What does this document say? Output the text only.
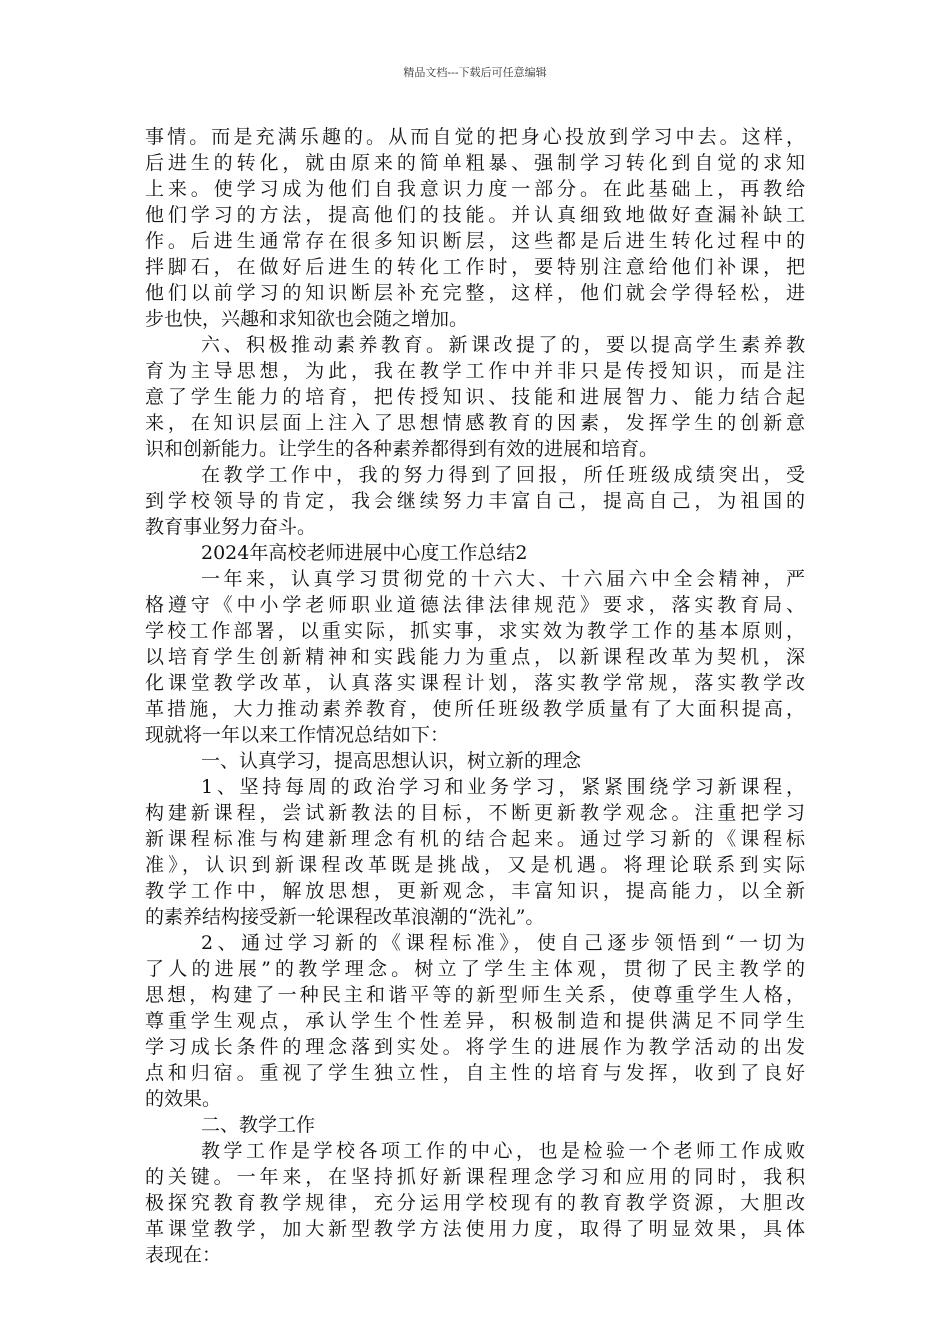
精品文档---下载后可任意编辑
事情。而是充满乐趣的。从而自觉的把身心投放到学习中去。这样，
后进生的转化，就由原来的简单粗暴、强制学习转化到自觉的求知
上来。使学习成为他们自我意识力度一部分。在此基础上，再教给
他们学习的方法，提高他们的技能。并认真细致地做好查漏补缺工
作。后进生通常存在很多知识断层，这些都是后进生转化过程中的
拌脚石，在做好后进生的转化工作时，要特别注意给他们补课，把
他们以前学习的知识断层补充完整，这样，他们就会学得轻松，进
步也快，兴趣和求知欲也会随之增加。
六、积极推动素养教育。新课改提了的，要以提高学生素养教
育为主导思想，为此，我在教学工作中并非只是传授知识，而是注
意了学生能力的培育，把传授知识、技能和进展智力、能力结合起
来，在知识层面上注入了思想情感教育的因素，发挥学生的创新意
识和创新能力。让学生的各种素养都得到有效的进展和培育。
在教学工作中，我的努力得到了回报，所任班级成绩突出，受
到学校领导的肯定，我会继续努力丰富自己，提高自己，为祖国的
教育事业努力奋斗。
2024年高校老师进展中心度工作总结2
一年来，认真学习贯彻党的十六大、十六届六中全会精神，严
格遵守《中小学老师职业道德法律法律规范》要求，落实教育局、
学校工作部署，以重实际，抓实事，求实效为教学工作的基本原则，
以培育学生创新精神和实践能力为重点，以新课程改革为契机，深
化课堂教学改革，认真落实课程计划，落实教学常规，落实教学改
革措施，大力推动素养教育，使所任班级教学质量有了大面积提高，
现就将一年以来工作情况总结如下：
一、认真学习，提高思想认识，树立新的理念
1、坚持每周的政治学习和业务学习，紧紧围绕学习新课程，
构建新课程，尝试新教法的目标，不断更新教学观念。注重把学习
新课程标准与构建新理念有机的结合起来。通过学习新的《课程标
准》，认识到新课程改革既是挑战，又是机遇。将理论联系到实际
教学工作中，解放思想，更新观念，丰富知识，提高能力，以全新
的素养结构接受新一轮课程改革浪潮的“洗礼”。
2、通过学习新的《课程标准》，使自己逐步领悟到“一切为
了人的进展”的教学理念。树立了学生主体观，贯彻了民主教学的
思想，构建了一种民主和谐平等的新型师生关系，使尊重学生人格，
尊重学生观点，承认学生个性差异，积极制造和提供满足不同学生
学习成长条件的理念落到实处。将学生的进展作为教学活动的出发
点和归宿。重视了学生独立性，自主性的培育与发挥，收到了良好
的效果。
二、教学工作
教学工作是学校各项工作的中心，也是检验一个老师工作成败
的关键。一年来，在坚持抓好新课程理念学习和应用的同时，我积
极探究教育教学规律，充分运用学校现有的教育教学资源，大胆改
革课堂教学，加大新型教学方法使用力度，取得了明显效果，具体
表现在：
